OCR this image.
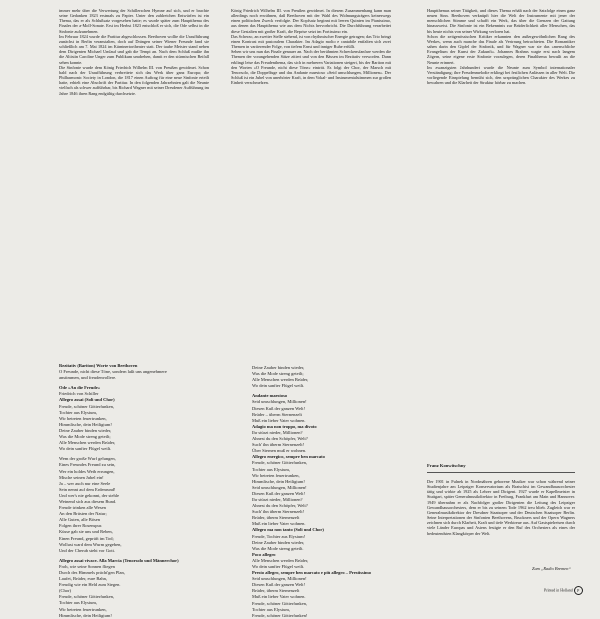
immer mehr über die Verwertung der Schillerschen Hymne auf sich, und er brachte seine Gedanken 1823 erstmals zu Papier. Unter den zahlreichen Entwürfen ist ein Thema, das er als Schlußsatz vorgesehen hatte; es wurde später zum Hauptthema des Finales der a-Moll-Sonate. Erst im Herbst 1823 entschloß er sich, die Ode selbst in die Sinfonie aufzunehmen.

Im Februar 1824 wurde die Partitur abgeschlossen. Beethoven wollte die Uraufführung zunächst in Berlin veranstalten, doch auf Drängen seiner Wiener Freunde fand sie schließlich am 7. Mai 1824 im Kärntnertortheater statt. Der taube Meister stand neben dem Dirigenten Michael Umlauf und gab die Tempi an. Nach dem Schluß mußte ihn die Altistin Caroline Unger zum Publikum umdrehen, damit er den stürmischen Beifall sehen konnte.

Die Sinfonie wurde dem König Friedrich Wilhelm III. von Preußen gewidmet. Schon bald nach der Uraufführung verbreitete sich das Werk über ganz Europa; die Philharmonic Society in London, die 1817 einen Auftrag für eine neue Sinfonie erteilt hatte, erhielt eine Abschrift der Partitur. In den folgenden Jahrzehnten galt die Neunte vielfach als schwer aufführbar, bis Richard Wagner mit seiner Dresdener Aufführung im Jahre 1846 ihren Rang endgültig durchsetzte.

König Friedrich Wilhelm III. von Preußen gewidmet. In diesem Zusammenhang kann man allerdings noch erwähnen, daß Beethoven mit der Wahl des Widmungsträgers keineswegs einen politischen Zweck verfolgte. Der Kopfsatz beginnt mit leeren Quinten im Pianissimo, aus denen das Hauptthema wie aus dem Nichts hervorbricht. Die Durchführung verarbeitet diese Gestalten mit großer Kraft, die Reprise setzt im Fortissimo ein.

Das Scherzo, an zweiter Stelle stehend, ist von rhythmischer Energie getragen; das Trio bringt einen Kontrast mit pastoralem Charakter. Im Adagio molto e cantabile entfalten sich zwei Themen in variierender Folge, von tiefem Ernst und inniger Ruhe erfüllt.

Sehen wir uns nun das Finale genauer an. Nach der berühmten Schreckensfanfare werden die Themen der vorangehenden Sätze zitiert und von den Bässen im Rezitativ verworfen. Dann erklingt leise das Freudenthema, das sich in mehreren Variationen steigert, bis der Bariton mit den Worten »O Freunde, nicht diese Töne« eintritt. Es folgt der Chor, der Marsch mit Tenorsolo, die Doppelfuge und das Andante maestoso »Seid umschlungen, Millionen«. Der Schluß ist ein Jubel von unerhörter Kraft, in dem Vokal- und Instrumentalstimmen zur großen Einheit verschmelzen.

Hauptthemas seiner Tätigkeit, und dieses Thema erhält nach der Satzfolge einen ganz neuen Sinn. Beethoven verknüpft hier die Welt der Instrumente mit jener der menschlichen Stimme und schafft ein Werk, das über die Grenzen der Gattung hinausweist. Die Sinfonie ist ein Bekenntnis zur Brüderlichkeit aller Menschen, das bis heute nichts von seiner Wirkung verloren hat.

Schon die zeitgenössischen Kritiker erkannten den außergewöhnlichen Rang des Werkes, wenn auch manche das Finale als Verirrung betrachteten. Die Romantiker sahen darin den Gipfel der Sinfonik, und für Wagner war sie das »menschliche Evangelium der Kunst der Zukunft«. Johannes Brahms wagte erst nach langem Zögern, seine eigene erste Sinfonie vorzulegen, deren Finalthema bewußt an die Neunte erinnert.

Im zwanzigsten Jahrhundert wurde die Neunte zum Symbol internationaler Verständigung; ihre Freudenmelodie erklingt bei festlichen Anlässen in aller Welt. Die vorliegende Einspielung bemüht sich, den ursprünglichen Charakter des Werkes zu bewahren und die Klarheit der Struktur hörbar zu machen.

Rezitativ (Bariton) Worte von Beethoven
O Freunde, nicht diese Töne, sondern laßt uns angenehmere
anstimmen, und freudenvollere.
Ode »An die Freude«
Friedrich von Schiller
Allegro assai (Soli und Chor)
Freude, schöner Götterfunken,
Tochter aus Elysium,
Wir betreten feuertrunken,
Himmlische, dein Heiligtum!
Deine Zauber binden wieder,
Was die Mode streng geteilt;
Alle Menschen werden Brüder,
Wo dein sanfter Flügel weilt.
Wem der große Wurf gelungen,
Eines Freundes Freund zu sein,
Wer ein holdes Weib errungen,
Mische seinen Jubel ein!
Ja – wer auch nur eine Seele
Sein nennt auf dem Erdenrund!
Und wer's nie gekonnt, der stehle
Weinend sich aus diesem Bund.
Freude trinken alle Wesen
An den Brüsten der Natur;
Alle Guten, alle Bösen
Folgen ihrer Rosenspur.
Küsse gab sie uns und Reben,
Einen Freund, geprüft im Tod;
Wollust ward dem Wurm gegeben,
Und der Cherub steht vor Gott.
Allegro assai vivace. Alla Marcia (Tenorsolo und Männerchor)
Froh, wie seine Sonnen fliegen
Durch des Himmels prächt'gen Plan,
Laufet, Brüder, eure Bahn,
Freudig wie ein Held zum Siegen.
(Chor)
Freude, schöner Götterfunken,
Tochter aus Elysium,
Wir betreten feuertrunken,
Himmlische, dein Heiligtum!
Deine Zauber binden wieder,
Was die Mode streng geteilt;
Alle Menschen werden Brüder,
Wo dein sanfter Flügel weilt.
Andante maestoso
Seid umschlungen, Millionen!
Diesen Kuß der ganzen Welt!
Brüder – überm Sternenzelt
Muß ein lieber Vater wohnen.
Adagio ma non troppo, ma divoto
Ihr stürzt nieder, Millionen?
Ahnest du den Schöpfer, Welt?
Such' ihn überm Sternenzelt!
Über Sternen muß er wohnen.
Allegro energico, sempre ben marcato
Freude, schöner Götterfunken,
Tochter aus Elysium,
Wir betreten feuertrunken,
Himmlische, dein Heiligtum!
Seid umschlungen, Millionen!
Diesen Kuß der ganzen Welt!
Ihr stürzt nieder, Millionen?
Ahnest du den Schöpfer, Welt?
Such' ihn überm Sternenzelt!
Brüder, überm Sternenzelt
Muß ein lieber Vater wohnen.
Allegro ma non tanto (Soli und Chor)
Freude, Tochter aus Elysium!
Deine Zauber binden wieder,
Was die Mode streng geteilt.
Poco allegro
Alle Menschen werden Brüder,
Wo dein sanfter Flügel weilt.
Presto allegro, sempre ben marcato e più allegro – Prestissimo
Seid umschlungen, Millionen!
Diesen Kuß der ganzen Welt!
Brüder, überm Sternenzelt
Muß ein lieber Vater wohnen.
Freude, schöner Götterfunken,
Tochter aus Elysium,
Freude, schöner Götterfunken!
Franz Konwitschny

Der 1901 in Fulnek in Nordmähren geborene Musiker war schon während seiner Studienjahre am Leipziger Konservatorium als Bratschist im Gewandhausorchester tätig und wirkte ab 1925 als Lehrer und Dirigent. 1927 wurde er Kapellmeister in Stuttgart, später Generalmusikdirektor in Freiburg, Frankfurt am Main und Hannover. 1949 übernahm er als Nachfolger großer Dirigenten die Leitung des Leipziger Gewandhausorchesters, dem er bis zu seinem Tode 1962 treu blieb. Zugleich war er Generalmusikdirektor der Dresdner Staatsoper und der Deutschen Staatsoper Berlin. Seine Interpretationen der Sinfonien Beethovens, Bruckners und der Opern Wagners zeichnen sich durch Klarheit, Kraft und tiefe Werktreue aus. Auf Gastspielreisen durch viele Länder Europas und Asiens festigte er den Ruf des Orchesters als eines der bedeutendsten Klangkörper der Welt.

Zum „Radio Bremen“
Printed in Holland P
